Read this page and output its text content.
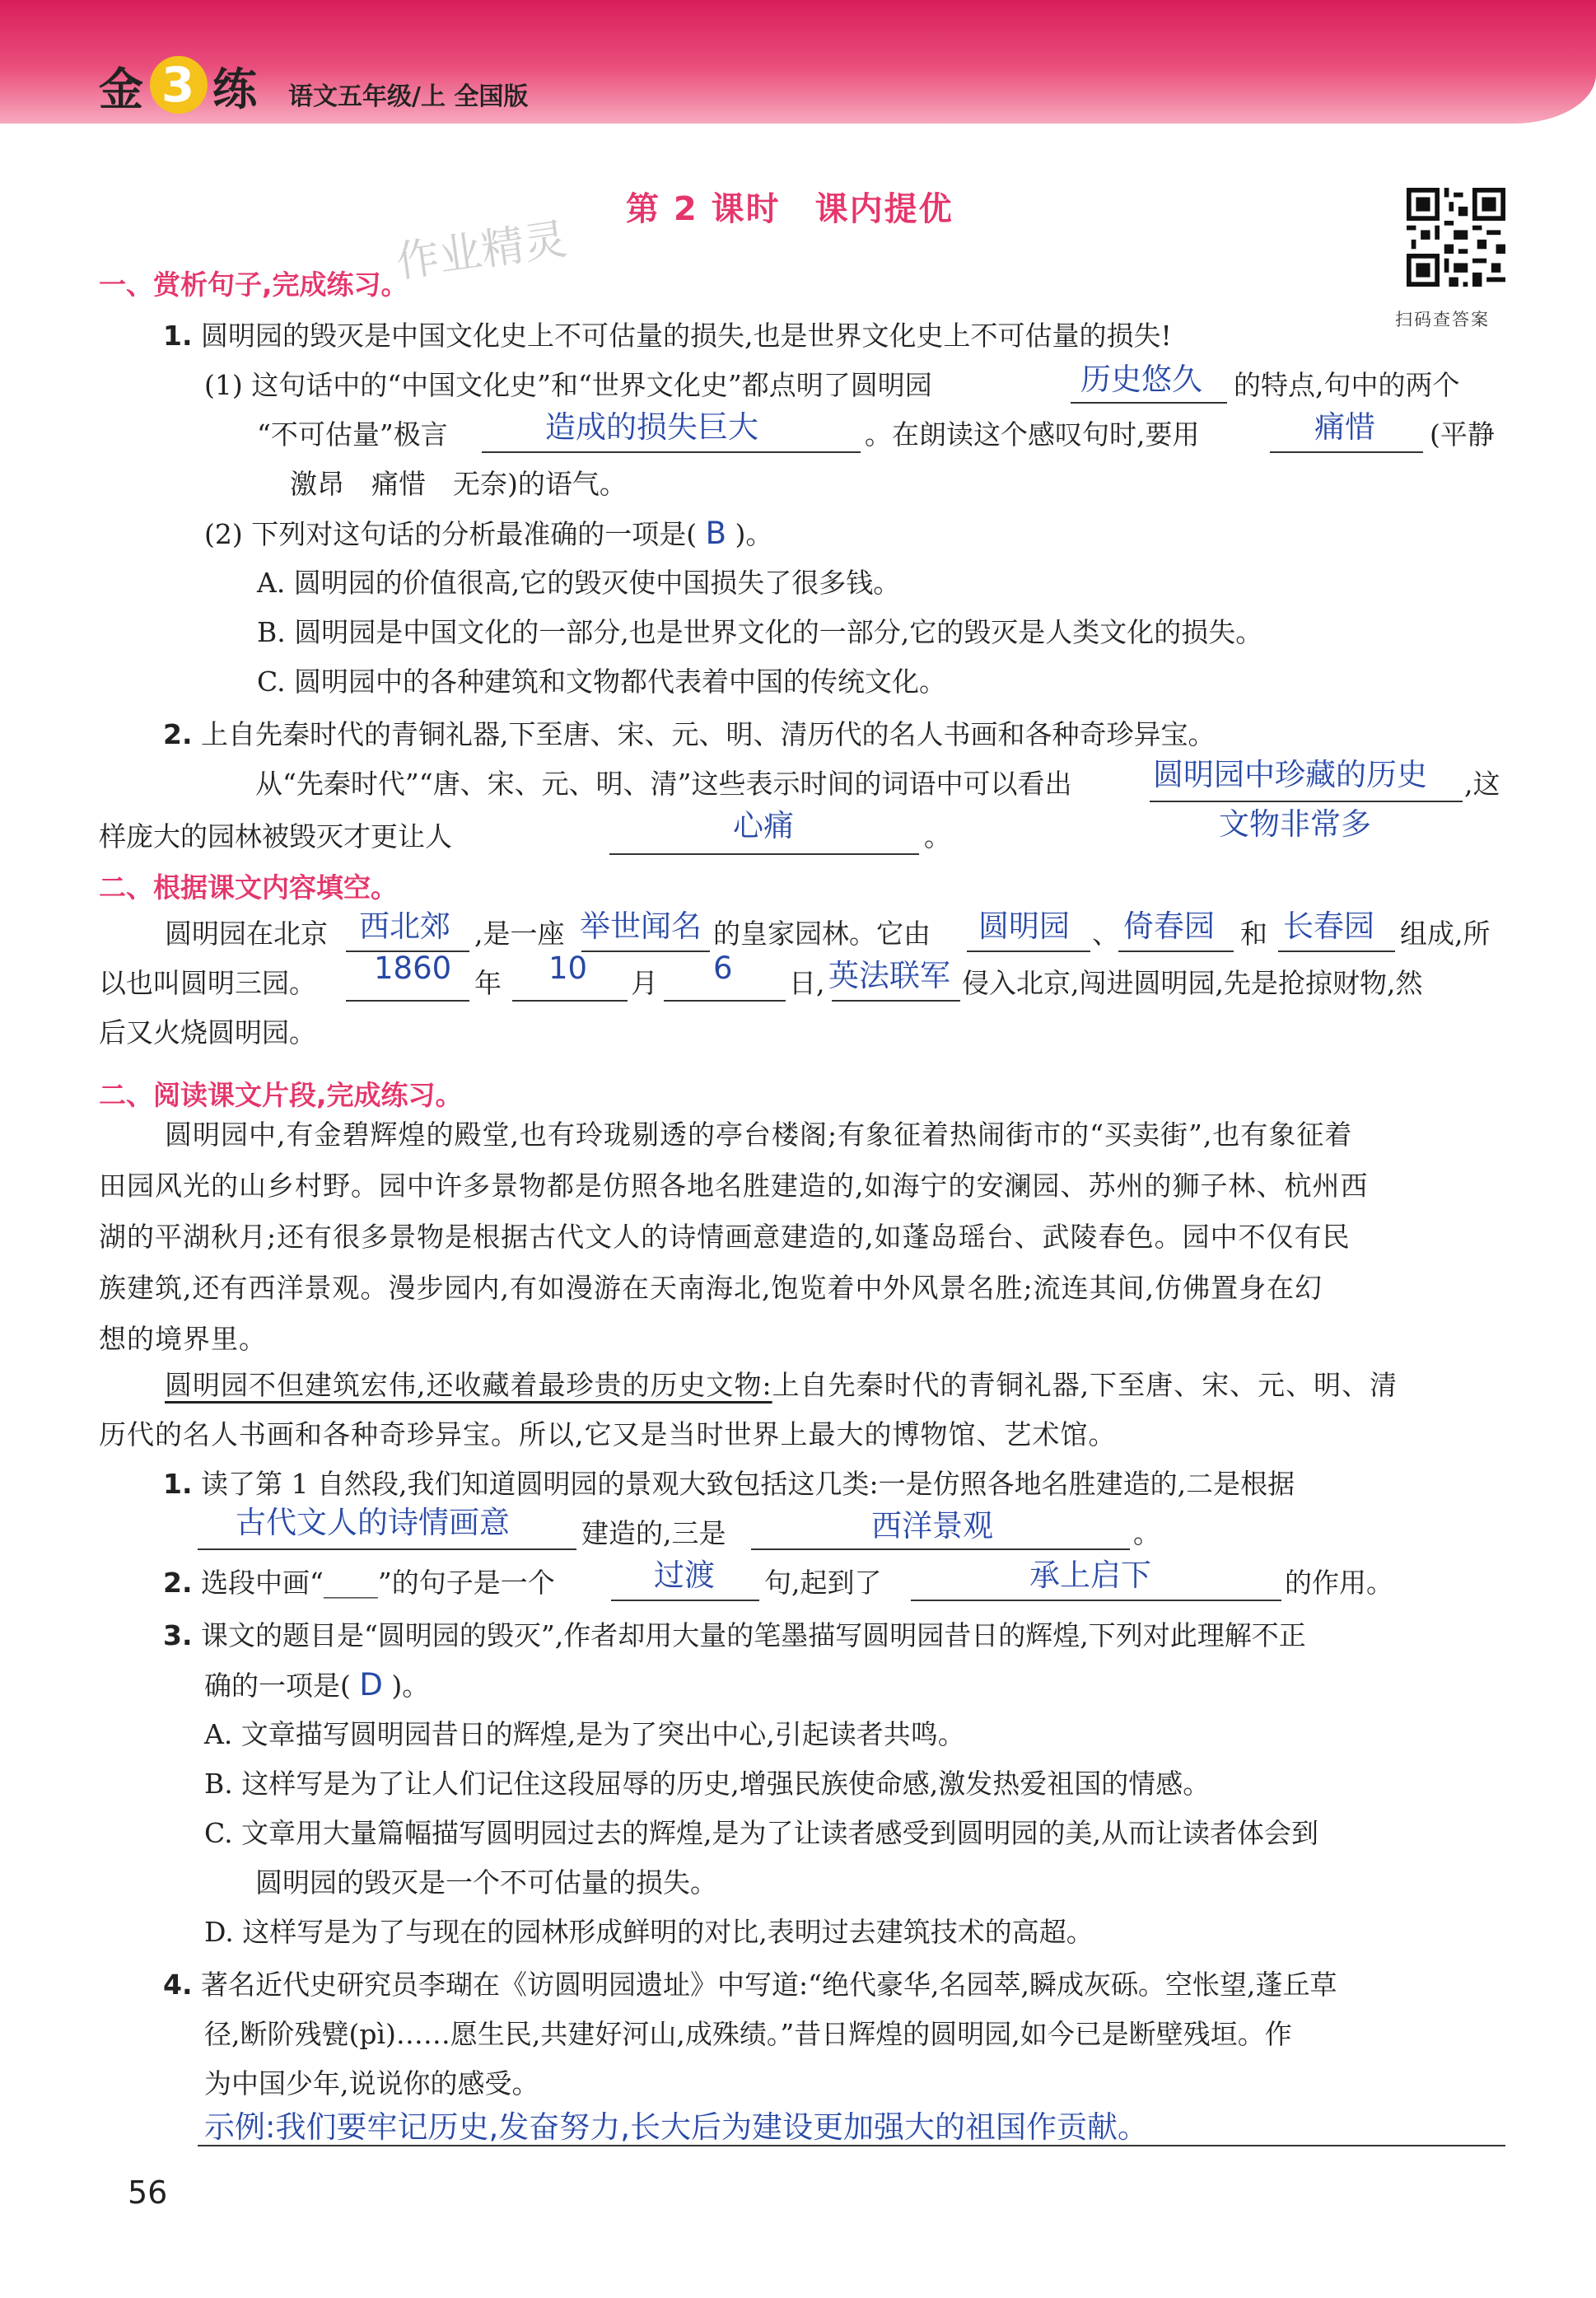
金 3 练 语文五年级/上 全国版
第 2 课时　课内提优
作业精灵
扫码查答案
一、赏析句子,完成练习。
1. 圆明园的毁灭是中国文化史上不可估量的损失,也是世界文化史上不可估量的损失!
(1) 这句话中的“中国文化史”和“世界文化史”都点明了圆明园	历史悠久 的特点,句中的两个
“不可估量”极言	造成的损失巨大	。在朗读这个感叹句时,要用	痛惜 (平静
激昂　痛惜　无奈)的语气。
(2) 下列对这句话的分析最准确的一项是( B )。
A. 圆明园的价值很高,它的毁灭使中国损失了很多钱。
B. 圆明园是中国文化的一部分,也是世界文化的一部分,它的毁灭是人类文化的损失。
C. 圆明园中的各种建筑和文物都代表着中国的传统文化。
2. 上自先秦时代的青铜礼器,下至唐、宋、元、明、清历代的名人书画和各种奇珍异宝。
从“先秦时代”“唐、宋、元、明、清”这些表示时间的词语中可以看出	圆明园中珍藏的历史 ,这
样庞大的园林被毁灭才更让人	心痛	。	文物非常多
二、根据课文内容填空。
圆明园在北京 西北郊 ,是一座 举世闻名 的皇家园林。它由 圆明园 、 倚春园 和 长春园 组成,所
以也叫圆明三园。 1860 年 10 月 6 日, 英法联军 侵入北京,闯进圆明园,先是抢掠财物,然
后又火烧圆明园。
二、阅读课文片段,完成练习。
圆明园中,有金碧辉煌的殿堂,也有玲珑剔透的亭台楼阁;有象征着热闹街市的“买卖街”,也有象征着
田园风光的山乡村野。园中许多景物都是仿照各地名胜建造的,如海宁的安澜园、苏州的狮子林、杭州西
湖的平湖秋月;还有很多景物是根据古代文人的诗情画意建造的,如蓬岛瑶台、武陵春色。园中不仅有民
族建筑,还有西洋景观。漫步园内,有如漫游在天南海北,饱览着中外风景名胜;流连其间,仿佛置身在幻
想的境界里。
圆明园不但建筑宏伟,还收藏着最珍贵的历史文物:上自先秦时代的青铜礼器,下至唐、宋、元、明、清
历代的名人书画和各种奇珍异宝。所以,它又是当时世界上最大的博物馆、艺术馆。
1. 读了第 1 自然段,我们知道圆明园的景观大致包括这几类:一是仿照各地名胜建造的,二是根据
古代文人的诗情画意	建造的,三是	西洋景观	。
2. 选段中画“____”的句子是一个	过渡 句,起到了	承上启下	的作用。
3. 课文的题目是“圆明园的毁灭”,作者却用大量的笔墨描写圆明园昔日的辉煌,下列对此理解不正
确的一项是( D )。
A. 文章描写圆明园昔日的辉煌,是为了突出中心,引起读者共鸣。
B. 这样写是为了让人们记住这段屈辱的历史,增强民族使命感,激发热爱祖国的情感。
C. 文章用大量篇幅描写圆明园过去的辉煌,是为了让读者感受到圆明园的美,从而让读者体会到
圆明园的毁灭是一个不可估量的损失。
D. 这样写是为了与现在的园林形成鲜明的对比,表明过去建筑技术的高超。
4. 著名近代史研究员李瑚在《访圆明园遗址》中写道:“绝代豪华,名园萃,瞬成灰砾。空怅望,蓬丘草
径,断阶残甓(pì)……愿生民,共建好河山,成殊绩。”昔日辉煌的圆明园,如今已是断壁残垣。作
为中国少年,说说你的感受。
示例:我们要牢记历史,发奋努力,长大后为建设更加强大的祖国作贡献。
56
